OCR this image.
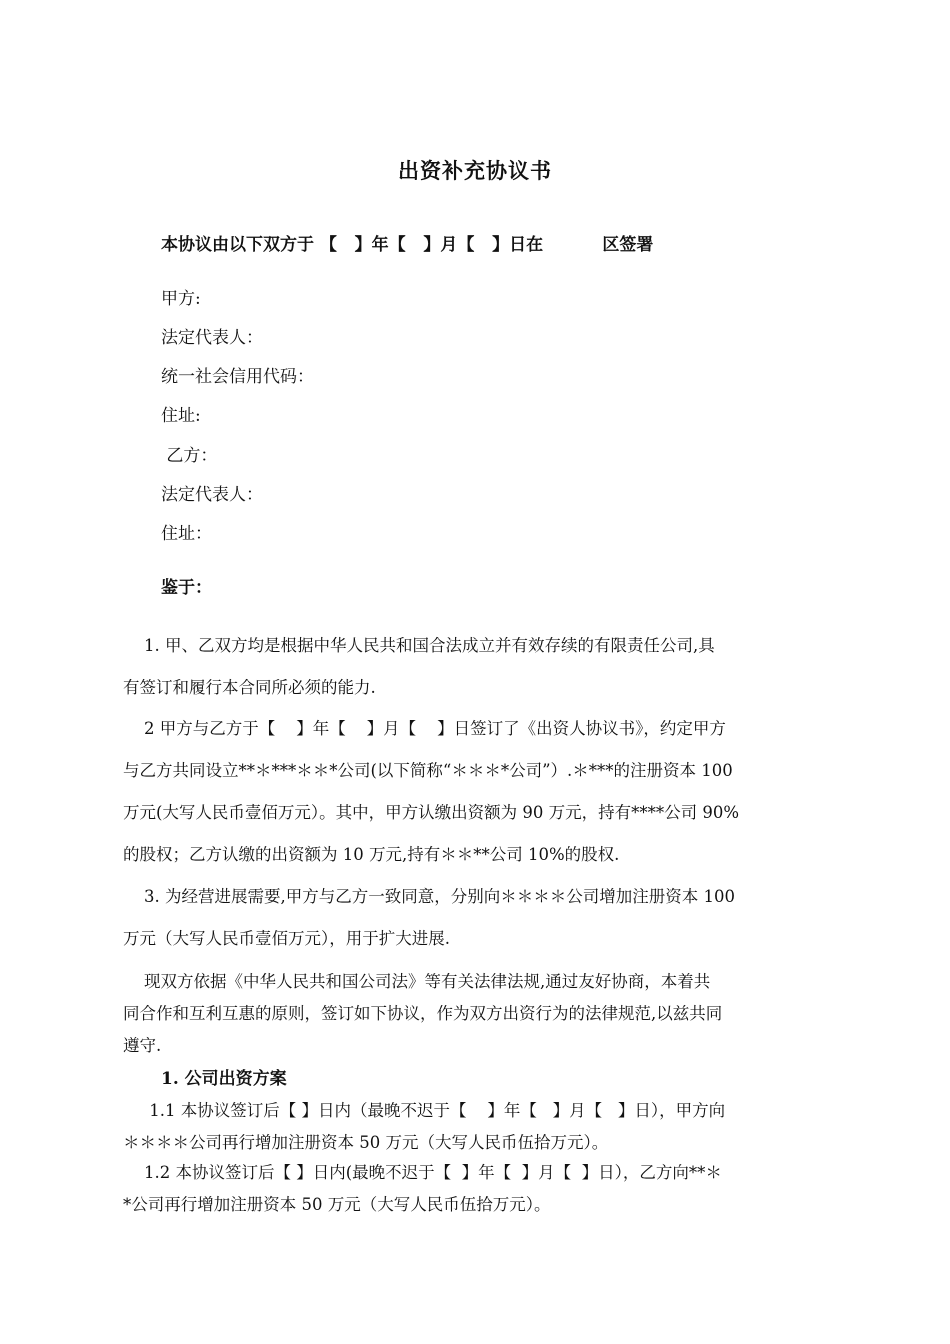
出资补充协议书
本协议由以下双方于 【   】年【   】月【   】日在          区签署
甲方:
法定代表人：
统一社会信用代码：
住址:
乙方：
法定代表人：
住址：
鉴于：
1. 甲、乙双方均是根据中华人民共和国合法成立并有效存续的有限责任公司,具
有签订和履行本合同所必须的能力.
2 甲方与乙方于【    】年【    】月【    】日签订了《出资人协议书》，约定甲方
与乙方共同设立**＊***＊＊*公司(以下简称“＊＊＊*公司”）.＊***的注册资本 100
万元(大写人民币壹佰万元）。其中，甲方认缴出资额为 90 万元，持有****公司 90%
的股权；乙方认缴的出资额为 10 万元,持有＊＊**公司 10%的股权.
3. 为经营进展需要,甲方与乙方一致同意，分别向＊＊＊＊公司增加注册资本 100
万元（大写人民币壹佰万元），用于扩大进展.
现双方依据《中华人民共和国公司法》等有关法律法规,通过友好协商，本着共
同合作和互利互惠的原则，签订如下协议，作为双方出资行为的法律规范,以兹共同
遵守.
1. 公司出资方案
1.1 本协议签订后【 】日内（最晚不迟于【    】年【   】月【   】日），甲方向
＊＊＊＊公司再行增加注册资本 50 万元（大写人民币伍拾万元）。
1.2 本协议签订后【 】日内(最晚不迟于【  】年【  】月【  】日），乙方向**＊
*公司再行增加注册资本 50 万元（大写人民币伍拾万元）。
